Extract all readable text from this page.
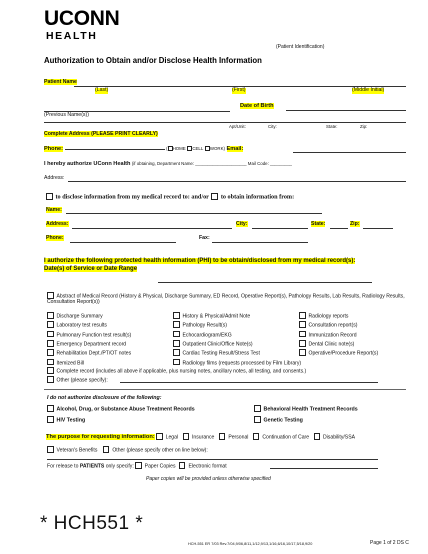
UCONN
HEALTH
(Patient Identification)
Authorization to Obtain and/or Disclose Health Information
Patient Name
(Last)	(First)	(Middle Initial)
Date of Birth
(Previous Name(s))
Apt/Unit:	City:	State:	Zip:
Complete Address (PLEASE PRINT CLEARLY)
Phone:	HOME CELL WORK) Email:
I hereby authorize UConn Health (if obtaining, Department Name: _____________________ Mail Code: _________
Address:
to disclose information from my medical record to: and/or to obtain information from:
Name:
Address:	City:	State:	Zip:
Phone:	Fax:
I authorize the following protected health information (PHI) to be obtain/disclosed from my medical record(s):
Date(s) of Service or Date Range
Abstract of Medical Record (History & Physical, Discharge Summary, ED Record, Operative Report(s), Pathology Results, Lab Results, Radiology Results, Consultation Report(s))
Discharge Summary	History & Physical/Admit Note	Radiology reports
Laboratory test results	Pathology Result(s)	Consultation report(s)
Pulmonary Function test result(s)	Echocardiogram/EKG	Immunization Record
Emergency Department record	Outpatient Clinic/Office Note(s)	Dental Clinic note(s)
Rehabilitation Dept./PT/OT notes	Cardiac Testing Result/Stress Test	Operative/Procedure Report(s)
Itemized Bill	Radiology films (requests processed by Film Library)
Complete record (includes all above if applicable, plus nursing notes, ancillary notes, all testing, and consents.)
Other (please specify):
I do not authorize disclosure of the following:
Alcohol, Drug, or Substance Abuse Treatment Records	Behavioral Health Treatment Records
HIV Testing	Genetic Testing
The purpose for requesting information: Legal	Insurance	Personal	Continuation of Care	Disability/SSA
Veteran's Benefits	Other (please specify other on line below):
For release to PATIENTS only specify: Paper Copies	Electronic format
Paper copies will be provided unless otherwise specified
* HCH551 *
HCH-551 ER 7/03 Rev.7/04,9/06,8/11,1/12,9/13,1/16,6/16,10/17,5/18,9/20	Page 1 of 2 DS C
